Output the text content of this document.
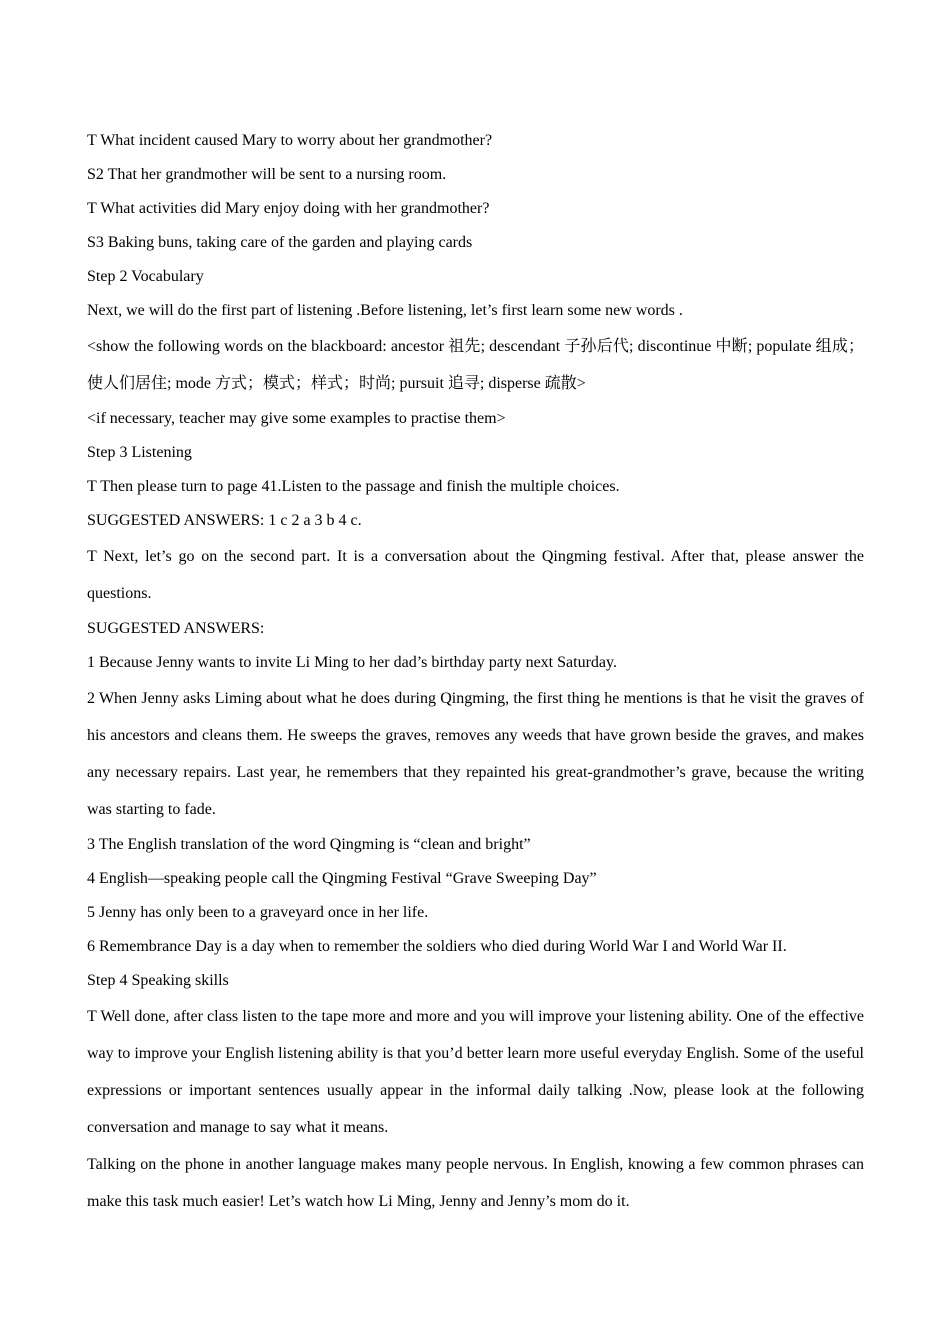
T What incident caused Mary to worry about her grandmother?

S2 That her grandmother will be sent to a nursing room.

T What activities did Mary enjoy doing with her grandmother?

S3 Baking buns, taking care of the garden and playing cards

Step 2 Vocabulary

Next, we will do the first part of listening .Before listening, let’s first learn some new words .

<show the following words on the blackboard: ancestor 祖先; descendant 子孙后代; discontinue 中断; populate 组成；使人们居住; mode 方式；模式；样式；时尚; pursuit 追寻; disperse 疏散>

<if necessary, teacher may give some examples to practise them>

Step 3 Listening

T Then please turn to page 41.Listen to the passage and finish the multiple choices.

SUGGESTED ANSWERS: 1 c 2 a 3 b 4 c.

T Next, let’s go on the second part. It is a conversation about the Qingming festival. After that, please answer the questions.

SUGGESTED ANSWERS:

1 Because Jenny wants to invite Li Ming to her dad’s birthday party next Saturday.

2 When Jenny asks Liming about what he does during Qingming, the first thing he mentions is that he visit the graves of his ancestors and cleans them. He sweeps the graves, removes any weeds that have grown beside the graves, and makes any necessary repairs. Last year, he remembers that they repainted his great-grandmother’s grave, because the writing was starting to fade.

3 The English translation of the word Qingming is “clean and bright”

4 English—speaking people call the Qingming Festival “Grave Sweeping Day”

5 Jenny has only been to a graveyard once in her life.

6 Remembrance Day is a day when to remember the soldiers who died during World War I and World War II.

Step 4 Speaking skills

T Well done, after class listen to the tape more and more and you will improve your listening ability. One of the effective way to improve your English listening ability is that you’d better learn more useful everyday English. Some of the useful expressions or important sentences usually appear in the informal daily talking .Now, please look at the following conversation and manage to say what it means.

Talking on the phone in another language makes many people nervous. In English, knowing a few common phrases can make this task much easier! Let’s watch how Li Ming, Jenny and Jenny’s mom do it.
